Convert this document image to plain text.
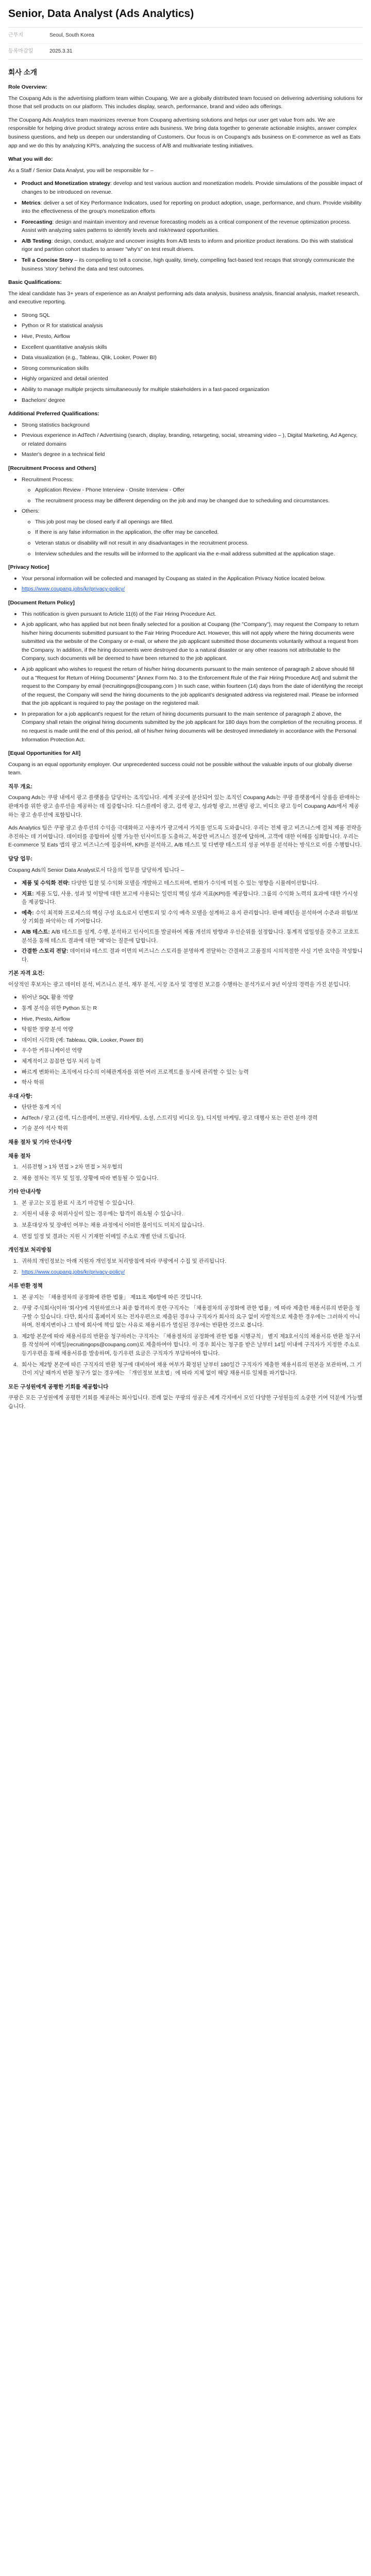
Senior, Data Analyst (Ads Analytics)
근무지	Seoul, South Korea
등록마감일	2025.3.31
회사 소개
Role Overview:

The Coupang Ads is the advertising platform team within Coupang. We are a globally distributed team focused on delivering advertising solutions for those that sell products on our platform. This includes display, search, performance, brand and video ads offerings.

The Coupang Ads Analytics team maximizes revenue from Coupang advertising solutions and helps our user get value from ads. We are responsible for helping drive product strategy across entire ads business. We bring data together to generate actionable insights, answer complex business questions, and help us deepen our understanding of Customers. Our focus is on Coupang's ads business on E-commerce as well as Eats app and we do this by analyzing KPI's, analyzing the success of A/B and multivariate testing initiatives.

What you will do:

As a Staff / Senior Data Analyst, you will be responsible for –

Product and Monetization strategy: develop and test various auction and monetization models. Provide simulations of the possible impact of changes to be introduced on revenue.
Metrics: deliver a set of Key Performance Indicators, used for reporting on product adoption, usage, performance, and churn. Provide visibility into the effectiveness of the group's monetization efforts
Forecasting: design and maintain inventory and revenue forecasting models as a critical component of the revenue optimization process. Assist with analyzing sales patterns to identify levels and risk/reward opportunities.
A/B Testing: design, conduct, analyze and uncover insights from A/B tests to inform and prioritize product iterations. Do this with statistical rigor and partition cohort studies to answer "why's" on test result drivers.
Tell a Concise Story – its compelling to tell a concise, high quality, timely, compelling fact-based text recaps that strongly communicate the business 'story' behind the data and test outcomes.
Basic Qualifications:

The ideal candidate has 3+ years of experience as an Analyst performing ads data analysis, business analysis, financial analysis, market research, and executive reporting.

Strong SQL
Python or R for statistical analysis
Hive, Presto, Airflow
Excellent quantitative analysis skills
Data visualization (e.g., Tableau, Qlik, Looker, Power BI)
Strong communication skills
Highly organized and detail oriented
Ability to manage multiple projects simultaneously for multiple stakeholders in a fast-paced organization
Bachelors' degree
Additional Preferred Qualifications:
Strong statistics background
Previous experience in AdTech / Advertising (search, display, branding, retargeting, social, streaming video – ), Digital Marketing, Ad Agency, or related domains
Master's degree in a technical field
[Recruitment Process and Others]
Recruitment Process:
Application Review - Phone Interview - Onsite Interview - Offer
The recruitment process may be different depending on the job and may be changed due to scheduling and circumstances.
Others:
This job post may be closed early if all openings are filled.
If there is any false information in the application, the offer may be cancelled.
Veteran status or disability will not result in any disadvantages in the recruitment process.
Interview schedules and the results will be informed to the applicant via the e-mail address submitted at the application stage.
[Privacy Notice]
Your personal information will be collected and managed by Coupang as stated in the Application Privacy Notice located below.
https://www.coupang.jobs/kr/privacy-policy/
[Document Return Policy]
This notification is given pursuant to Article 11(6) of the Fair Hiring Procedure Act.
A job applicant, who has applied but not been finally selected for a position at Coupang (the "Company"), may request the Company to return his/her hiring documents submitted pursuant to the Fair Hiring Procedure Act. However, this will not apply where the hiring documents were submitted via the website of the Company or e-mail, or where the job applicant submitted those documents voluntarily without a request from the Company. In addition, if the hiring documents were destroyed due to a natural disaster or any other reasons not attributable to the Company, such documents will be deemed to have been returned to the job applicant.
A job applicant who wishes to request the return of his/her hiring documents pursuant to the main sentence of paragraph 2 above should fill out a "Request for Return of Hiring Documents" [Annex Form No. 3 to the Enforcement Rule of the Fair Hiring Procedure Act] and submit the request to the Company by email (recruitingops@coupang.com ) In such case, within fourteen (14) days from the date of identifying the receipt of the request, the Company will send the hiring documents to the job applicant's designated address via registered mail. Please be informed that the job applicant is required to pay the postage on the registered mail.
In preparation for a job applicant's request for the return of hiring documents pursuant to the main sentence of paragraph 2 above, the Company shall retain the original hiring documents submitted by the job applicant for 180 days from the completion of the recruiting process. If no request is made until the end of this period, all of his/her hiring documents will be destroyed immediately in accordance with the Personal Information Protection Act.
[Equal Opportunities for All]

Coupang is an equal opportunity employer. Our unprecedented success could not be possible without the valuable inputs of our globally diverse team.

직무 개요:

Coupang Ads는 쿠팡 내에서 광고 플랫폼을 담당하는 조직입니다. 세계 곳곳에 분산되어 있는 조직인 Coupang Ads는 쿠팡 플랫폼에서 상품을 판매하는 판매자를 위한 광고 솔루션을 제공하는 데 집중합니다. 디스플레이 광고, 검색 광고, 성과형 광고, 브랜딩 광고, 비디오 광고 등이 Coupang Ads에서 제공하는 광고 솔루션에 포함됩니다.

Ads Analytics 팀은 쿠팡 광고 솔루션의 수익을 극대화하고 사용자가 광고에서 가치를 얻도록 도와줍니다. 우리는 전체 광고 비즈니스에 걸쳐 제품 전략을 추진하는 데 기여합니다. 데이터를 종합하여 실행 가능한 인사이트를 도출하고, 복잡한 비즈니스 질문에 답하며, 고객에 대한 이해를 심화합니다. 우리는 E-commerce 및 Eats 앱의 광고 비즈니스에 집중하며, KPI를 분석하고, A/B 테스트 및 다변량 테스트의 성공 여부를 분석하는 방식으로 이를 수행합니다.

담당 업무:

Coupang Ads의 Senior Data Analyst로서 다음의 업무를 담당하게 됩니다 –

제품 및 수익화 전략: 다양한 입찰 및 수익화 모델을 개발하고 테스트하며, 변화가 수익에 미칠 수 있는 영향을 시뮬레이션합니다.
지표: 제품 도입, 사용, 성과 및 이탈에 대한 보고에 사용되는 일련의 핵심 성과 지표(KPI)를 제공합니다. 그룹의 수익화 노력의 효과에 대한 가시성을 제공합니다.
예측: 수익 최적화 프로세스의 핵심 구성 요소로서 인벤토리 및 수익 예측 모델을 설계하고 유지 관리합니다. 판매 패턴을 분석하여 수준과 위험/보상 기회를 파악하는 데 기여합니다.
A/B 테스트: A/B 테스트를 설계, 수행, 분석하고 인사이트를 발굴하여 제품 개선의 방향과 우선순위를 설정합니다. 통계적 엄밀성을 갖추고 코호트 분석을 통해 테스트 결과에 대한 "왜"라는 질문에 답합니다.
간결한 스토리 전달: 데이터와 테스트 결과 이면의 비즈니스 스토리를 분명하게 전달하는 간결하고 고품질의 시의적절한 사실 기반 요약을 작성합니다.
기본 자격 요건:

이상적인 후보자는 광고 데이터 분석, 비즈니스 분석, 재무 분석, 시장 조사 및 경영진 보고를 수행하는 분석가로서 3년 이상의 경력을 가진 분입니다.

뛰어난 SQL 활용 역량
통계 분석을 위한 Python 또는 R
Hive, Presto, Airflow
탁월한 정량 분석 역량
데이터 시각화 (예: Tableau, Qlik, Looker, Power BI)
우수한 커뮤니케이션 역량
체계적이고 꼼꼼한 업무 처리 능력
빠르게 변화하는 조직에서 다수의 이해관계자를 위한 여러 프로젝트를 동시에 관리할 수 있는 능력
학사 학위
우대 사항:
탄탄한 통계 지식
AdTech / 광고 (검색, 디스플레이, 브랜딩, 리타게팅, 소셜, 스트리밍 비디오 등), 디지털 마케팅, 광고 대행사 또는 관련 분야 경력
기술 분야 석사 학위
채용 절차 및 기타 안내사항
채용 절차
1. 서류전형 > 1차 면접 > 2차 면접 > 처우협의
2. 채용 절차는 직무 및 일정, 상황에 따라 변동될 수 있습니다.
기타 안내사항
1. 본 공고는 모집 완료 시 조기 마감될 수 있습니다.
2. 지원서 내용 중 허위사실이 있는 경우에는 합격이 취소될 수 있습니다.
3. 보훈대상자 및 장애인 여부는 채용 과정에서 어떠한 불이익도 미치지 않습니다.
4. 면접 일정 및 결과는 지원 시 기재한 이메일 주소로 개별 안내 드립니다.
개인정보 처리방침
1. 귀하의 개인정보는 아래 지원자 개인정보 처리방침에 따라 쿠팡에서 수집 및 관리됩니다.
2. https://www.coupang.jobs/kr/privacy-policy/
서류 반환 정책
1. 본 공지는 「채용절차의 공정화에 관한 법률」 제11조 제6항에 따른 것입니다.
2. 쿠팡 주식회사(이하 '회사')에 지원하였으나 최종 합격하지 못한 구직자는 「채용절차의 공정화에 관한 법률」에 따라 제출한 채용서류의 반환을 청구할 수 있습니다. 다만, 회사의 홈페이지 또는 전자우편으로 제출된 경우나 구직자가 회사의 요구 없이 자발적으로 제출한 경우에는 그러하지 아니하며, 천재지변이나 그 밖에 회사에 책임 없는 사유로 채용서류가 멸실된 경우에는 반환한 것으로 봅니다.
3. 제2항 본문에 따라 채용서류의 반환을 청구하려는 구직자는 「채용절차의 공정화에 관한 법률 시행규칙」 별지 제3호서식의 채용서류 반환 청구서를 작성하여 이메일(recruitingops@coupang.com)로 제출하여야 합니다. 이 경우 회사는 청구를 받은 날부터 14일 이내에 구직자가 지정한 주소로 등기우편을 통해 채용서류를 발송하며, 등기우편 요금은 구직자가 부담하여야 합니다.
4. 회사는 제2항 본문에 따른 구직자의 반환 청구에 대비하여 채용 여부가 확정된 날부터 180일간 구직자가 제출한 채용서류의 원본을 보관하며, 그 기간이 지날 때까지 반환 청구가 없는 경우에는 「개인정보 보호법」에 따라 지체 없이 해당 채용서류 일체를 파기합니다.
모든 구성원에게 공평한 기회를 제공합니다

쿠팡은 모든 구성원에게 공평한 기회를 제공하는 회사입니다. 전례 없는 쿠팡의 성공은 세계 각지에서 모인 다양한 구성원들의 소중한 기여 덕분에 가능했습니다.
